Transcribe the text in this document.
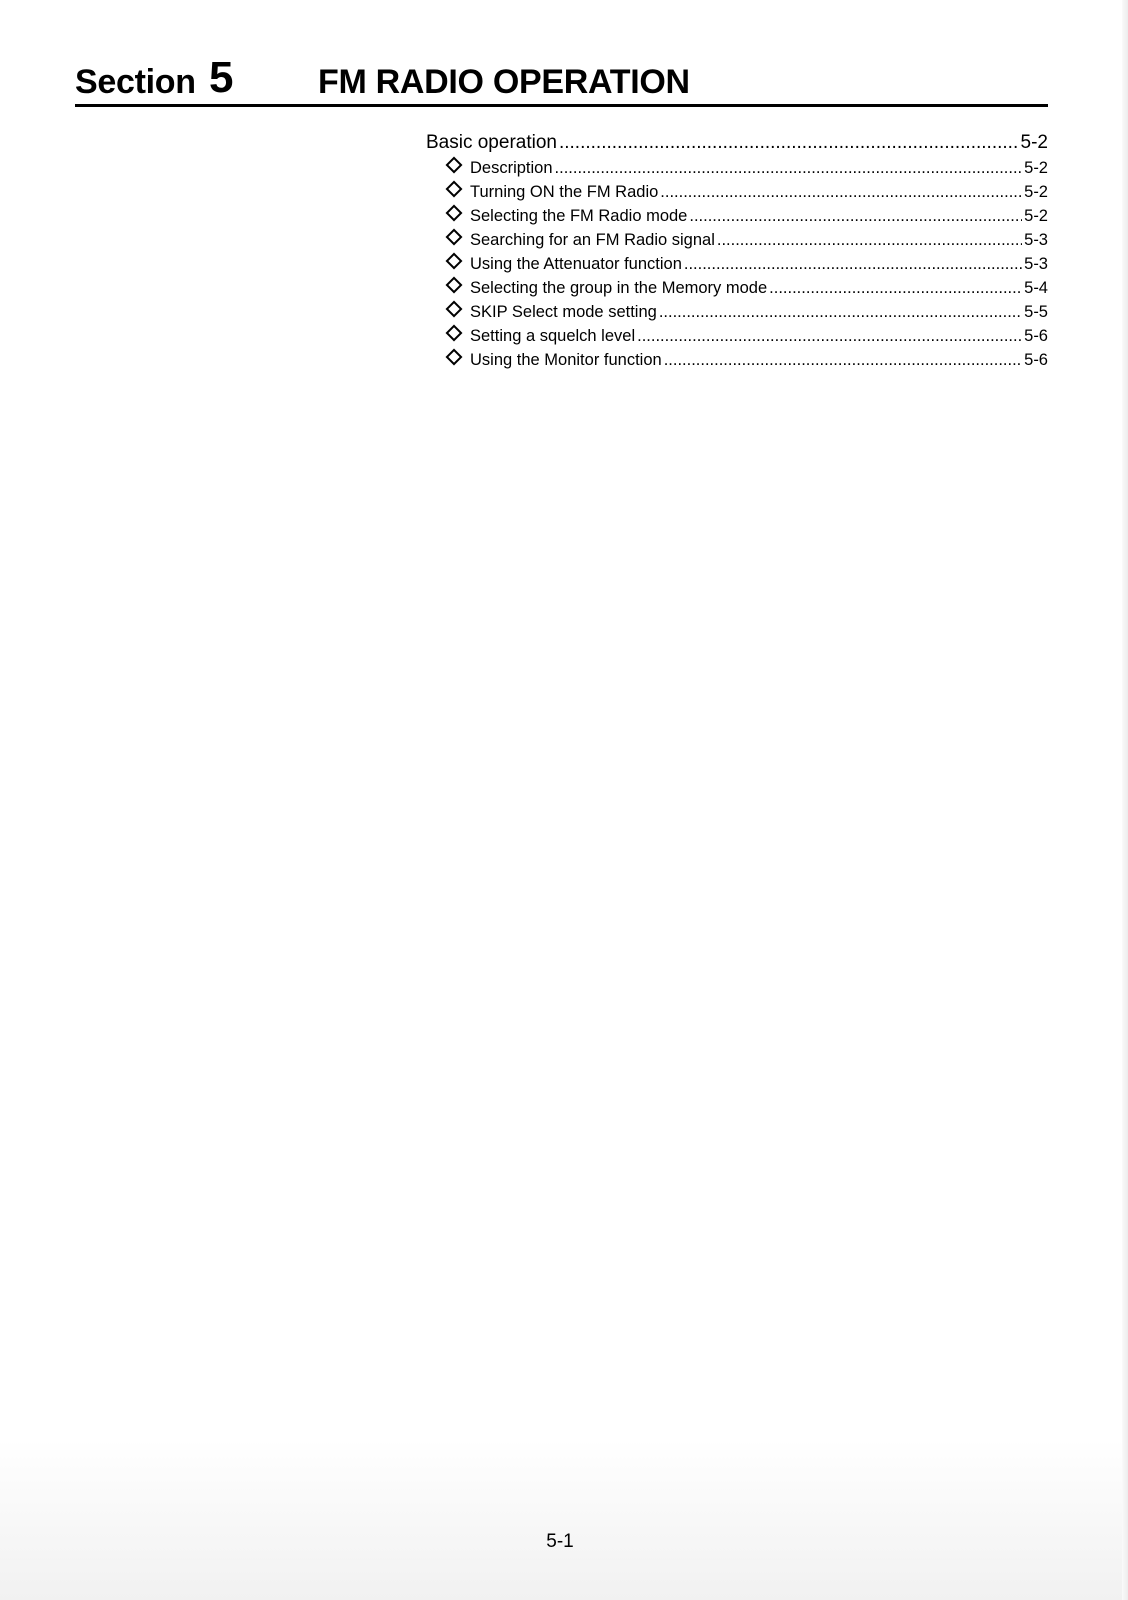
Section 5 FM RADIO OPERATION
Basic operation .....	5-2
Description .....	5-2
Turning ON the FM Radio .....	5-2
Selecting the FM Radio mode .....	5-2
Searching for an FM Radio signal .....	5-3
Using the Attenuator function .....	5-3
Selecting the group in the Memory mode .....	5-4
SKIP Select mode setting .....	5-5
Setting a squelch level .....	5-6
Using the Monitor function .....	5-6
5-1
